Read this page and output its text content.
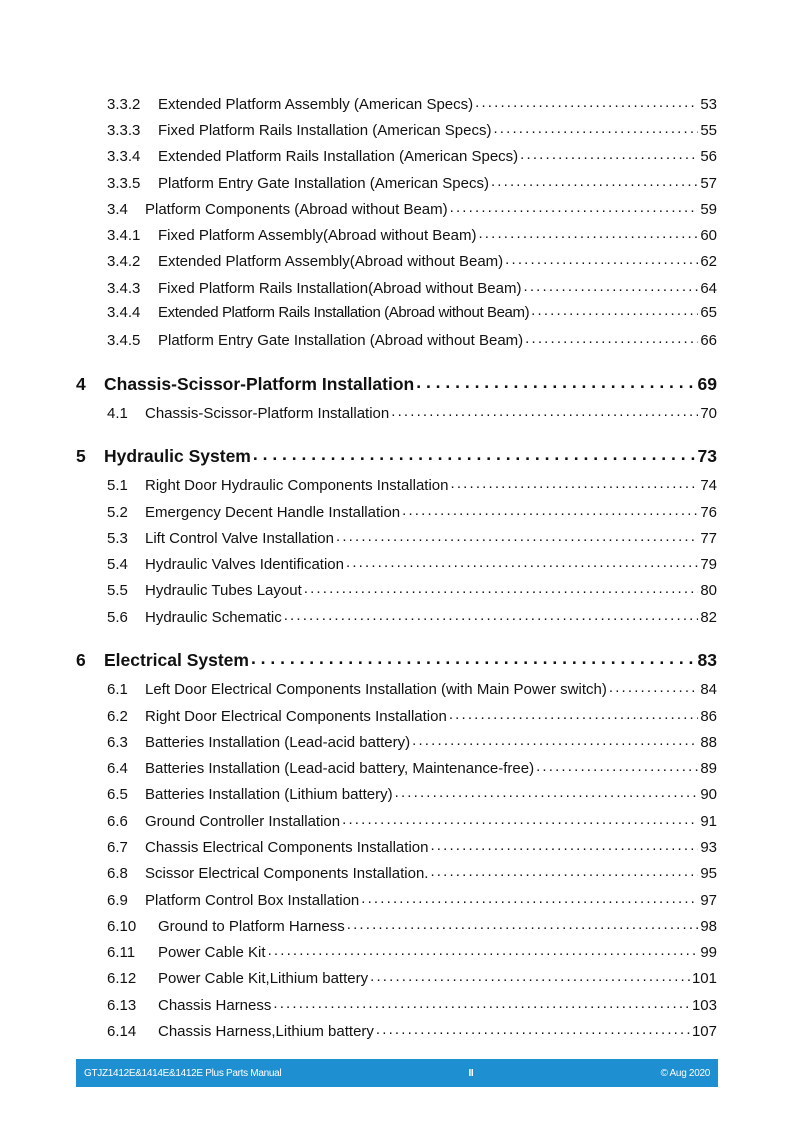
3.3.2	Extended Platform Assembly (American Specs) . . .	53
3.3.3	Fixed Platform Rails Installation (American Specs) . . .	55
3.3.4	Extended Platform Rails Installation (American Specs) . . .	56
3.3.5	Platform Entry Gate Installation (American Specs) . . .	57
3.4	Platform Components (Abroad without Beam) . . .	59
3.4.1	Fixed Platform Assembly(Abroad without Beam) . . .	60
3.4.2	Extended Platform Assembly(Abroad without Beam) . . .	62
3.4.3	Fixed Platform Rails Installation(Abroad without Beam) . . .	64
3.4.4	Extended Platform Rails Installation (Abroad without Beam) . . .	65
3.4.5	Platform Entry Gate Installation (Abroad without Beam) . . .	66
4	Chassis-Scissor-Platform Installation . . .	69
4.1	Chassis-Scissor-Platform Installation . . .	70
5	Hydraulic System . . .	73
5.1	Right Door Hydraulic Components Installation . . .	74
5.2	Emergency Decent Handle Installation . . .	76
5.3	Lift Control Valve Installation . . .	77
5.4	Hydraulic Valves Identification . . .	79
5.5	Hydraulic Tubes Layout . . .	80
5.6	Hydraulic Schematic . . .	82
6	Electrical System . . .	83
6.1	Left Door Electrical Components Installation (with Main Power switch) . . .	84
6.2	Right Door Electrical Components Installation . . .	86
6.3	Batteries Installation (Lead-acid battery) . . .	88
6.4	Batteries Installation (Lead-acid battery, Maintenance-free) . . .	89
6.5	Batteries Installation (Lithium battery) . . .	90
6.6	Ground Controller Installation . . .	91
6.7	Chassis Electrical Components Installation . . .	93
6.8	Scissor Electrical Components Installation. . . .	95
6.9	Platform Control Box Installation . . .	97
6.10	Ground to Platform Harness . . .	98
6.11	Power Cable Kit . . .	99
6.12	Power Cable Kit,Lithium battery . . .	101
6.13	Chassis Harness . . .	103
6.14	Chassis Harness,Lithium battery . . .	107
GTJZ1412E&1414E&1412E Plus Parts Manual	II	© Aug 2020
